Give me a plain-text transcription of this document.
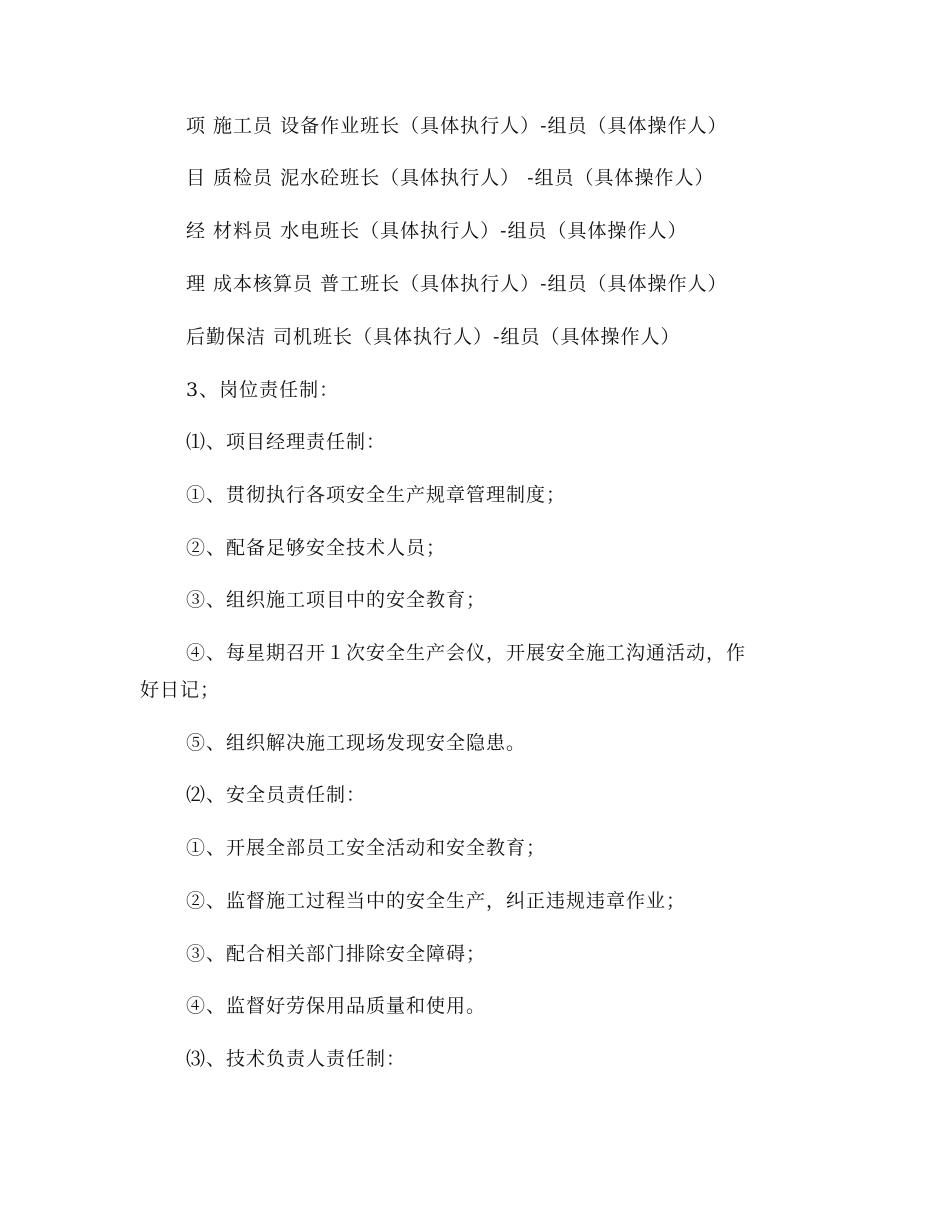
项 施工员 设备作业班长（具体执行人）-组员（具体操作人）
目 质检员 泥水砼班长（具体执行人） -组员（具体操作人）
经 材料员 水电班长（具体执行人）-组员（具体操作人）
理 成本核算员 普工班长（具体执行人）-组员（具体操作人）
后勤保洁 司机班长（具体执行人）-组员（具体操作人）
3、岗位责任制：
⑴、项目经理责任制：
①、贯彻执行各项安全生产规章管理制度；
②、配备足够安全技术人员；
③、组织施工项目中的安全教育；
④、每星期召开１次安全生产会仪，开展安全施工沟通活动，作
好日记；
⑤、组织解决施工现场发现安全隐患。
⑵、安全员责任制：
①、开展全部员工安全活动和安全教育；
②、监督施工过程当中的安全生产，纠正违规违章作业；
③、配合相关部门排除安全障碍；
④、监督好劳保用品质量和使用。
⑶、技术负责人责任制：
